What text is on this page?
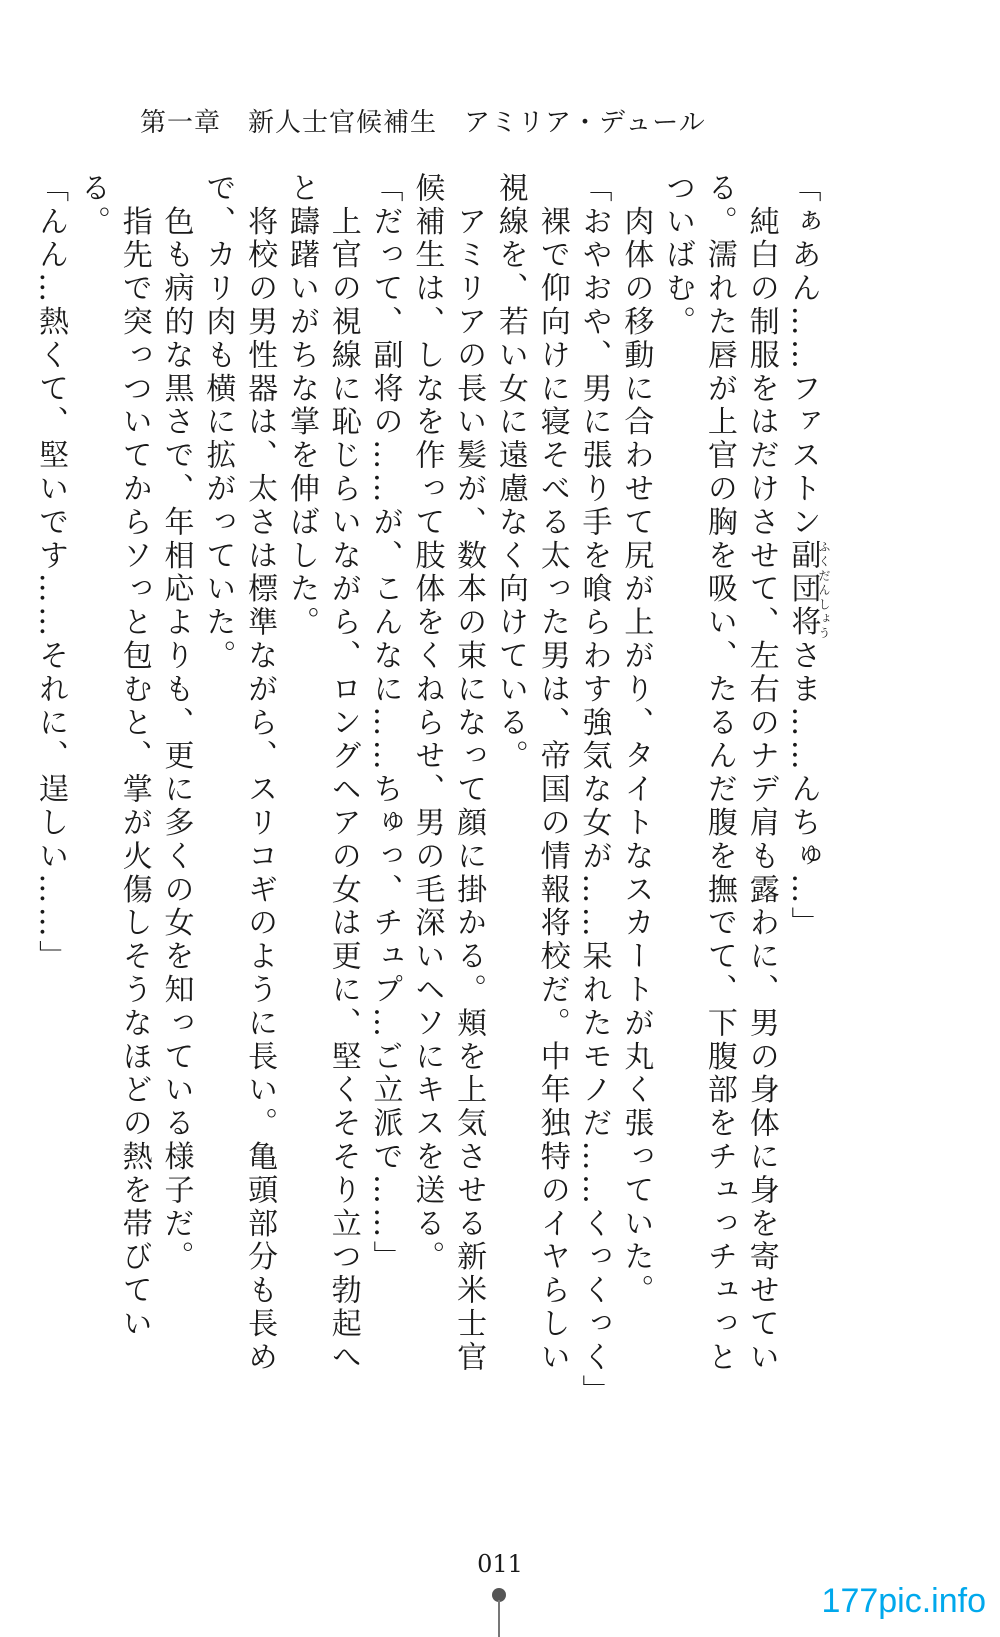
第一章　新人士官候補生　アミリア・デュール

「ぁあん……ファストン副団将ふくだんしょうさま……んちゅ…」

　純白の制服をはだけさせて、左右のナデ肩も露わに、男の身体に身を寄せている。濡れた唇が上官の胸を吸い、たるんだ腹を撫でて、下腹部をチュっチュっとついばむ。

　肉体の移動に合わせて尻が上がり、タイトなスカートが丸く張っていた。

「おやおや、男に張り手を喰らわす強気な女が……呆れたモノだ……くっくっく」

　裸で仰向けに寝そべる太った男は、帝国の情報将校だ。中年独特のイヤらしい視線を、若い女に遠慮なく向けている。

　アミリアの長い髪が、数本の束になって顔に掛かる。頬を上気させる新米士官候補生は、しなを作って肢体をくねらせ、男の毛深いヘソにキスを送る。

「だって、副将の……が、こんなに……ちゅっ、チュプ…ご立派で……」

　上官の視線に恥じらいながら、ロングヘアの女は更に、堅くそそり立つ勃起へと躊躇いがちな掌を伸ばした。

　将校の男性器は、太さは標準ながら、スリコギのように長い。亀頭部分も長めで、カリ肉も横に拡がっていた。

　色も病的な黒さで、年相応よりも、更に多くの女を知っている様子だ。

　指先で突っついてからソっと包むと、掌が火傷しそうなほどの熱を帯びている。

「んん…熱くて、堅いです……それに、逞しい……」

011
177pic.info
